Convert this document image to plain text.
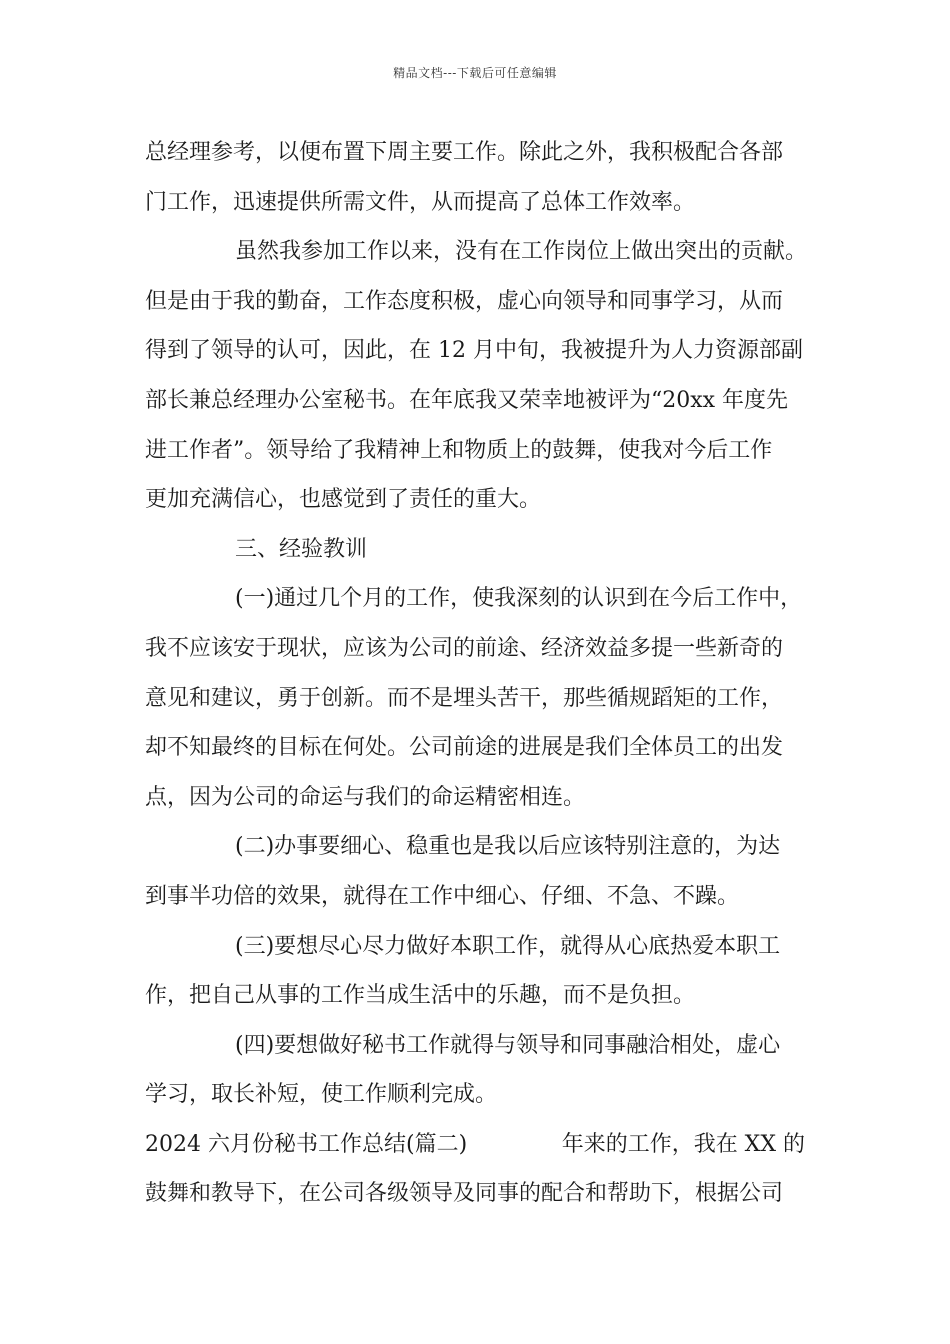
精品文档---下载后可任意编辑
总经理参考，以便布置下周主要工作。除此之外，我积极配合各部
门工作，迅速提供所需文件，从而提高了总体工作效率。
虽然我参加工作以来，没有在工作岗位上做出突出的贡献。
但是由于我的勤奋，工作态度积极，虚心向领导和同事学习，从而
得到了领导的认可，因此，在 12 月中旬，我被提升为人力资源部副
部长兼总经理办公室秘书。在年底我又荣幸地被评为“20xx 年度先
进工作者”。领导给了我精神上和物质上的鼓舞，使我对今后工作
更加充满信心，也感觉到了责任的重大。
三、经验教训
(一)通过几个月的工作，使我深刻的认识到在今后工作中，
我不应该安于现状，应该为公司的前途、经济效益多提一些新奇的
意见和建议，勇于创新。而不是埋头苦干，那些循规蹈矩的工作，
却不知最终的目标在何处。公司前途的进展是我们全体员工的出发
点，因为公司的命运与我们的命运精密相连。
(二)办事要细心、稳重也是我以后应该特别注意的，为达
到事半功倍的效果，就得在工作中细心、仔细、不急、不躁。
(三)要想尽心尽力做好本职工作，就得从心底热爱本职工
作，把自己从事的工作当成生活中的乐趣，而不是负担。
(四)要想做好秘书工作就得与领导和同事融洽相处，虚心
学习，取长补短，使工作顺利完成。
2024 六月份秘书工作总结(篇二)	年来的工作，我在 XX 的
鼓舞和教导下，在公司各级领导及同事的配合和帮助下，根据公司
